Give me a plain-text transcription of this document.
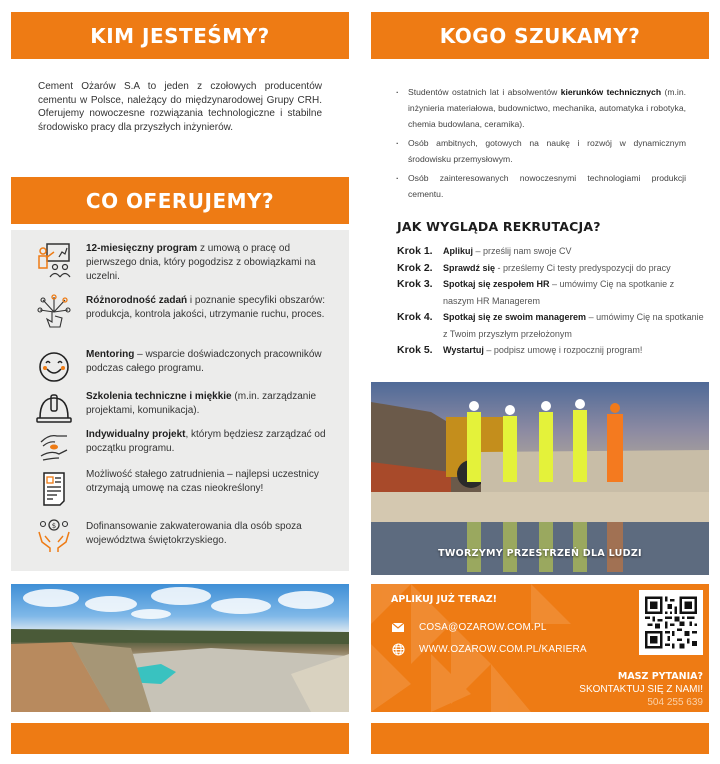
KIM JESTEŚMY?

Cement Ożarów S.A to jeden z czołowych producentów cementu w Polsce, należący do międzynarodowej Grupy CRH. Oferujemy nowoczesne rozwiązania technologiczne i stabilne środowisko pracy dla przyszłych inżynierów.

CO OFERUJEMY?
12-miesięczny program z umową o pracę od pierwszego dnia, który pogodzisz z obowiązkami na uczelni.
Różnorodność zadań i poznanie specyfiki obszarów: produkcja, kontrola jakości, utrzymanie ruchu, proces.
Mentoring – wsparcie doświadczonych pracowników podczas całego programu.
Szkolenia techniczne i miękkie (m.in. zarządzanie projektami, komunikacja).
Indywidualny projekt, którym będziesz zarządzać od początku programu.
Możliwość stałego zatrudnienia – najlepsi uczestnicy otrzymają umowę na czas nieokreślony!
$	Dofinansowanie zakwaterowania dla osób spoza województwa świętokrzyskiego.
KOGO SZUKAMY?
· Studentów ostatnich lat i absolwentów kierunków technicznych (m.in. inżynieria materiałowa, budownictwo, mechanika, automatyka i robotyka, chemia budowlana, ceramika).
· Osób ambitnych, gotowych na naukę i rozwój w dynamicznym środowisku przemysłowym.
· Osób zainteresowanych nowoczesnymi technologiami produkcji cementu.
JAK WYGLĄDA REKRUTACJA?
Krok 1.	Aplikuj – prześlij nam swoje CV
Krok 2.	Sprawdź się - prześlemy Ci testy predyspozycji do pracy
Krok 3.	Spotkaj się zespołem HR – umówimy Cię na spotkanie z naszym HR Managerem
Krok 4.	Spotkaj się ze swoim managerem – umówimy Cię na spotkanie z Twoim przyszłym przełożonym
Krok 5.	Wystartuj – podpisz umowę i rozpocznij program!
TWORZYMY PRZESTRZEŃ DLA LUDZI
APLIKUJ JUŻ TERAZ!
COSA@OZAROW.COM.PL
WWW.OZAROW.COM.PL/KARIERA
MASZ PYTANIA?
SKONTAKTUJ SIĘ Z NAMI!
504 255 639
